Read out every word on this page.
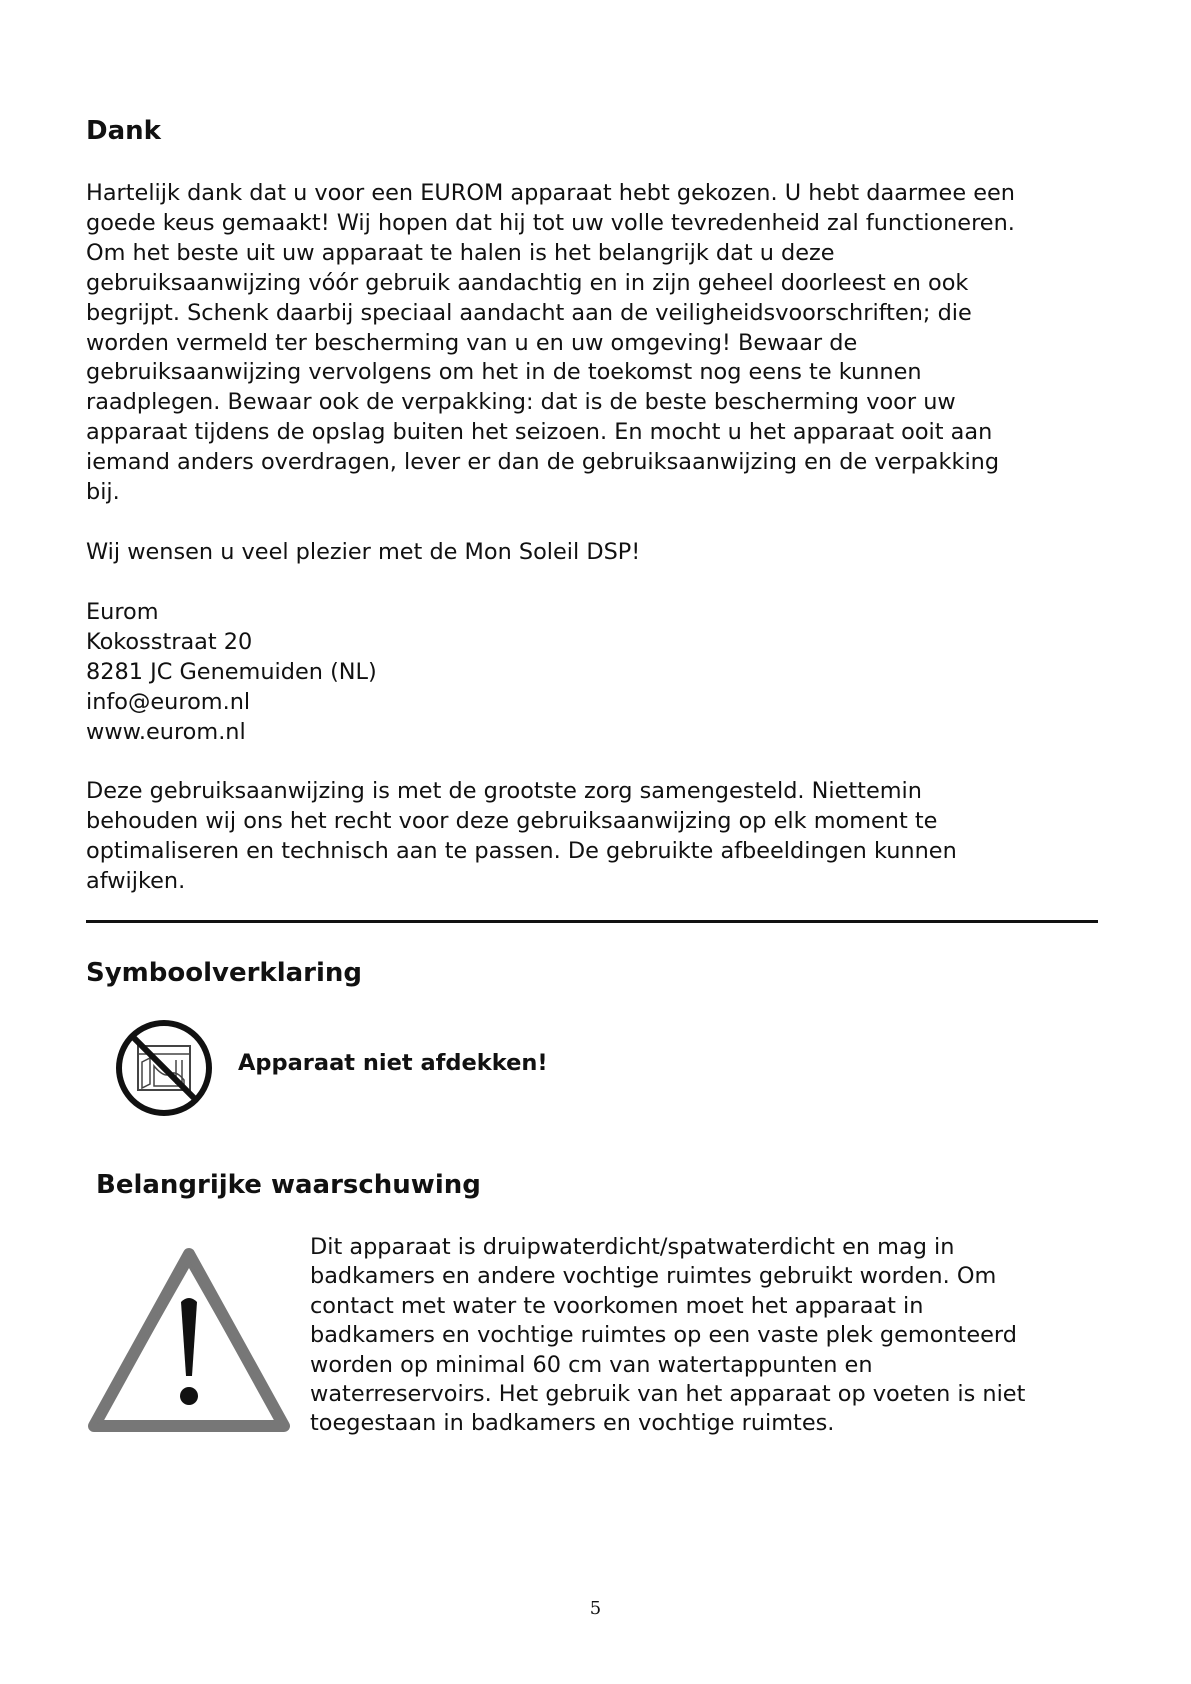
Dank
Hartelijk dank dat u voor een EUROM apparaat hebt gekozen. U hebt daarmee een
goede keus gemaakt! Wij hopen dat hij tot uw volle tevredenheid zal functioneren.
Om het beste uit uw apparaat te halen is het belangrijk dat u deze
gebruiksaanwijzing vóór gebruik aandachtig en in zijn geheel doorleest en ook
begrijpt. Schenk daarbij speciaal aandacht aan de veiligheidsvoorschriften; die
worden vermeld ter bescherming van u en uw omgeving! Bewaar de
gebruiksaanwijzing vervolgens om het in de toekomst nog eens te kunnen
raadplegen. Bewaar ook de verpakking: dat is de beste bescherming voor uw
apparaat tijdens de opslag buiten het seizoen. En mocht u het apparaat ooit aan
iemand anders overdragen, lever er dan de gebruiksaanwijzing en de verpakking
bij.
Wij wensen u veel plezier met de Mon Soleil DSP!
Eurom
Kokosstraat 20
8281 JC Genemuiden (NL)
info@eurom.nl
www.eurom.nl
Deze gebruiksaanwijzing is met de grootste zorg samengesteld. Niettemin
behouden wij ons het recht voor deze gebruiksaanwijzing op elk moment te
optimaliseren en technisch aan te passen. De gebruikte afbeeldingen kunnen
afwijken.
Symboolverklaring
Apparaat niet afdekken!
Belangrijke waarschuwing
Dit apparaat is druipwaterdicht/spatwaterdicht en mag in
badkamers en andere vochtige ruimtes gebruikt worden. Om
contact met water te voorkomen moet het apparaat in
badkamers en vochtige ruimtes op een vaste plek gemonteerd
worden op minimal 60 cm van watertappunten en
waterreservoirs. Het gebruik van het apparaat op voeten is niet
toegestaan in badkamers en vochtige ruimtes.
5
